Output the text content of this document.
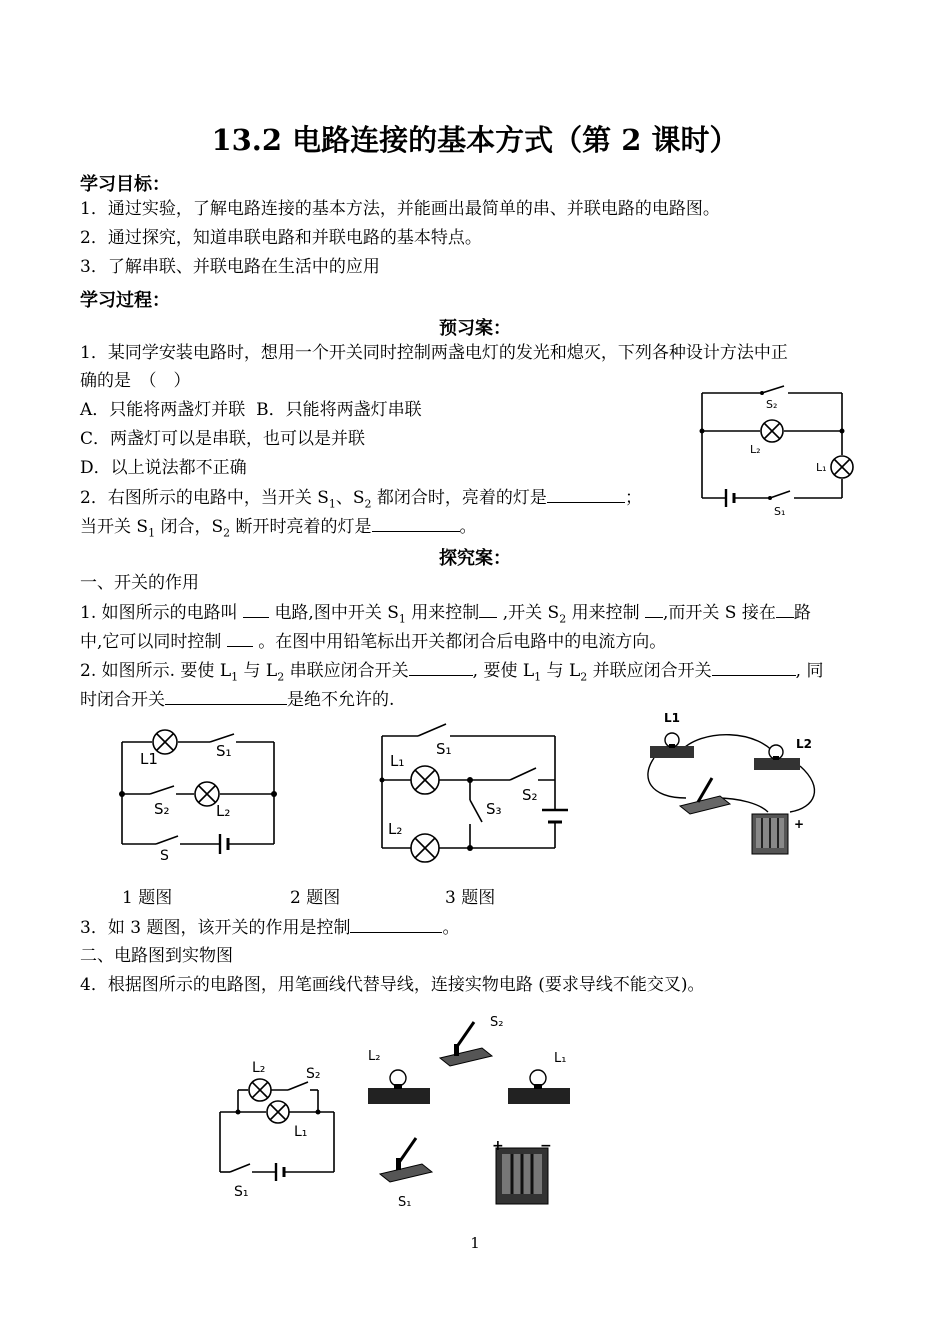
13.2 电路连接的基本方式（第 2 课时）
学习目标：
1．通过实验，了解电路连接的基本方法，并能画出最简单的串、并联电路的电路图。
2．通过探究，知道串联电路和并联电路的基本特点。
3．了解串联、并联电路在生活中的应用
学习过程：
预习案：
1．某同学安装电路时，想用一个开关同时控制两盏电灯的发光和熄灭，下列各种设计方法中正
确的是　（　）
A．只能将两盏灯并联 B．只能将两盏灯串联
C．两盏灯可以是串联，也可以是并联
D．以上说法都不正确
2．右图所示的电路中，当开关 $S_1$、$S_2$ 都闭合时，亮着的灯是	；
当开关 $S_1$ 闭合，$S_2$ 断开时亮着的灯是	。
S₂
L₂
L₁
S₁
探究案：
一、开关的作用
1. 如图所示的电路叫 电路,图中开关 $S_1$ 用来控制 ,开关 $S_2$ 用来控制 ,而开关 S 接在 路
中,它可以同时控制 。在图中用铅笔标出开关都闭合后电路中的电流方向。
2. 如图所示. 要使 $L_1$ 与 $L_2$ 串联应闭合开关	, 要使 $L_1$ 与 $L_2$ 并联应闭合开关	, 同
时闭合开关	是绝不允许的.
L1	S₁
S₂	L₂
S
S₁
L₁
S₂
S₃
L₂
L1
L2
+
1 题图	2 题图	3 题图
3．如 3 题图，该开关的作用是控制	。
二、电路图到实物图
4．根据图所示的电路图，用笔画线代替导线，连接实物电路 (要求导线不能交叉)。
L₂	S₂
L₁
S₁
S₂
L₂	L₁
S₁
+	−
1
